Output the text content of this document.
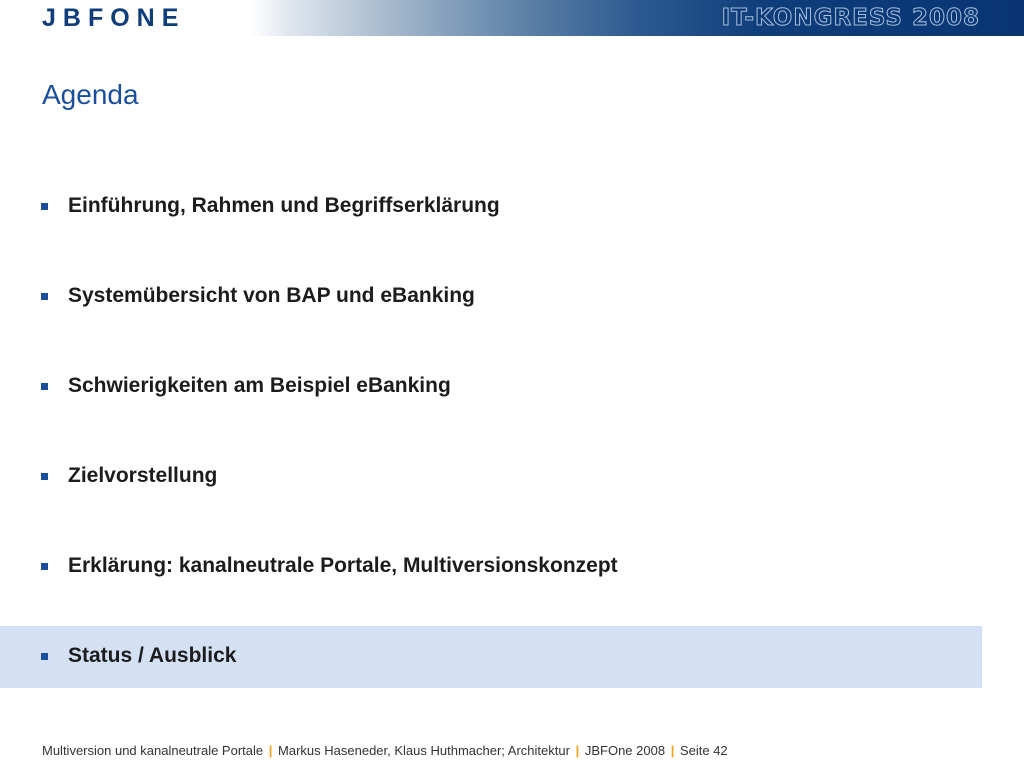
JBFONE	IT-KONGRESS 2008
Agenda
Einführung, Rahmen und Begriffserklärung
Systemübersicht von BAP und eBanking
Schwierigkeiten am Beispiel eBanking
Zielvorstellung
Erklärung: kanalneutrale Portale, Multiversionskonzept
Status / Ausblick
Multiversion und kanalneutrale Portale | Markus Haseneder, Klaus Huthmacher; Architektur | JBFOne 2008 | Seite 42
